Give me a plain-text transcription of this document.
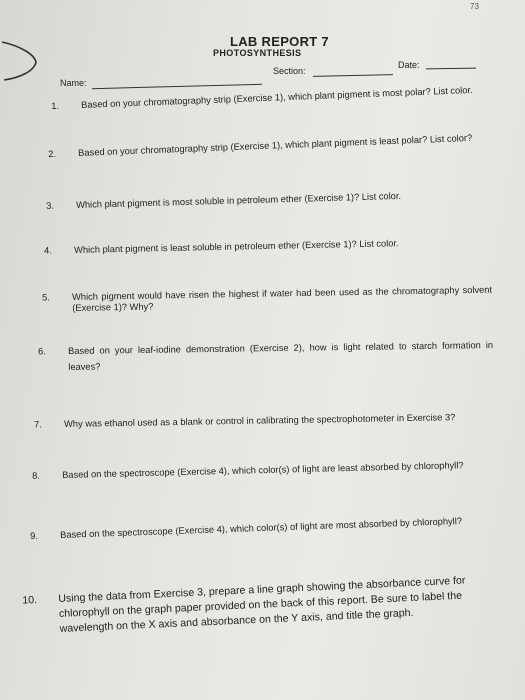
73
LAB REPORT 7
PHOTOSYNTHESIS
Name:
Section:
Date:
1. Based on your chromatography strip (Exercise 1), which plant pigment is most polar? List color.
2. Based on your chromatography strip (Exercise 1), which plant pigment is least polar? List color?
3. Which plant pigment is most soluble in petroleum ether (Exercise 1)? List color.
4. Which plant pigment is least soluble in petroleum ether (Exercise 1)? List color.
5. Which pigment would have risen the highest if water had been used as the chromatography solvent (Exercise 1)? Why?
6. Based on your leaf-iodine demonstration (Exercise 2), how is light related to starch formation in leaves?
7. Why was ethanol used as a blank or control in calibrating the spectrophotometer in Exercise 3?
8. Based on the spectroscope (Exercise 4), which color(s) of light are least absorbed by chlorophyll?
9. Based on the spectroscope (Exercise 4), which color(s) of light are most absorbed by chlorophyll?
10. Using the data from Exercise 3, prepare a line graph showing the absorbance curve for chlorophyll on the graph paper provided on the back of this report. Be sure to label the wavelength on the X axis and absorbance on the Y axis, and title the graph.
